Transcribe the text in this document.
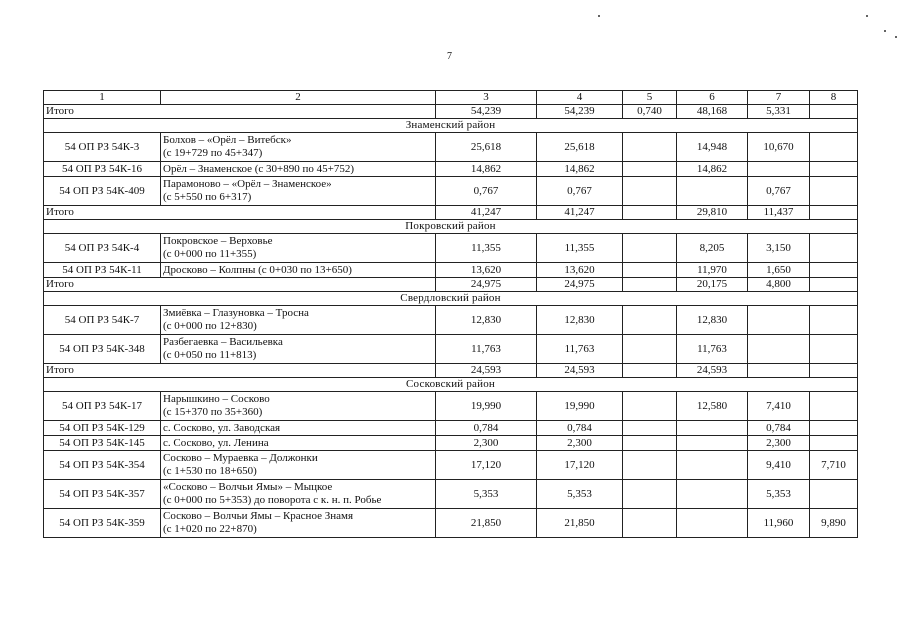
7
1	2	3	4	5	6	7	8
Итого		54,239	54,239	0,740	48,168	5,331	
Знаменский район							
54 ОП РЗ 54К-3	Болхов – «Орёл – Витебск»
(с 19+729 по 45+347)	25,618	25,618		14,948	10,670	
54 ОП РЗ 54К-16	Орёл – Знаменское (с 30+890 по 45+752)	14,862	14,862		14,862		
54 ОП РЗ 54К-409	Парамоново – «Орёл – Знаменское»
(с 5+550 по 6+317)	0,767	0,767			0,767	
Итого		41,247	41,247		29,810	11,437	
Покровский район							
54 ОП РЗ 54К-4	Покровское – Верховье
(с 0+000 по 11+355)	11,355	11,355		8,205	3,150	
54 ОП РЗ 54К-11	Дросково – Колпны (с 0+030 по 13+650)	13,620	13,620		11,970	1,650	
Итого		24,975	24,975		20,175	4,800	
Свердловский район							
54 ОП РЗ 54К-7	Змиёвка – Глазуновка – Тросна
(с 0+000 по 12+830)	12,830	12,830		12,830		
54 ОП РЗ 54К-348	Разбегаевка – Васильевка
(с 0+050 по 11+813)	11,763	11,763		11,763		
Итого		24,593	24,593		24,593		
Сосковский район							
54 ОП РЗ 54К-17	Нарышкино – Сосково
(с 15+370 по 35+360)	19,990	19,990		12,580	7,410	
54 ОП РЗ 54К-129	с. Сосково, ул. Заводская	0,784	0,784			0,784	
54 ОП РЗ 54К-145	с. Сосково, ул. Ленина	2,300	2,300			2,300	
54 ОП РЗ 54К-354	Сосково – Мураевка – Должонки
(с 1+530 по 18+650)	17,120	17,120			9,410	7,710
54 ОП РЗ 54К-357	«Сосково – Волчьи Ямы» – Мыцкое
(с 0+000 по 5+353) до поворота с к. н. п. Робье	5,353	5,353			5,353	
54 ОП РЗ 54К-359	Сосково – Волчьи Ямы – Красное Знамя
(с 1+020 по 22+870)	21,850	21,850			11,960	9,890
